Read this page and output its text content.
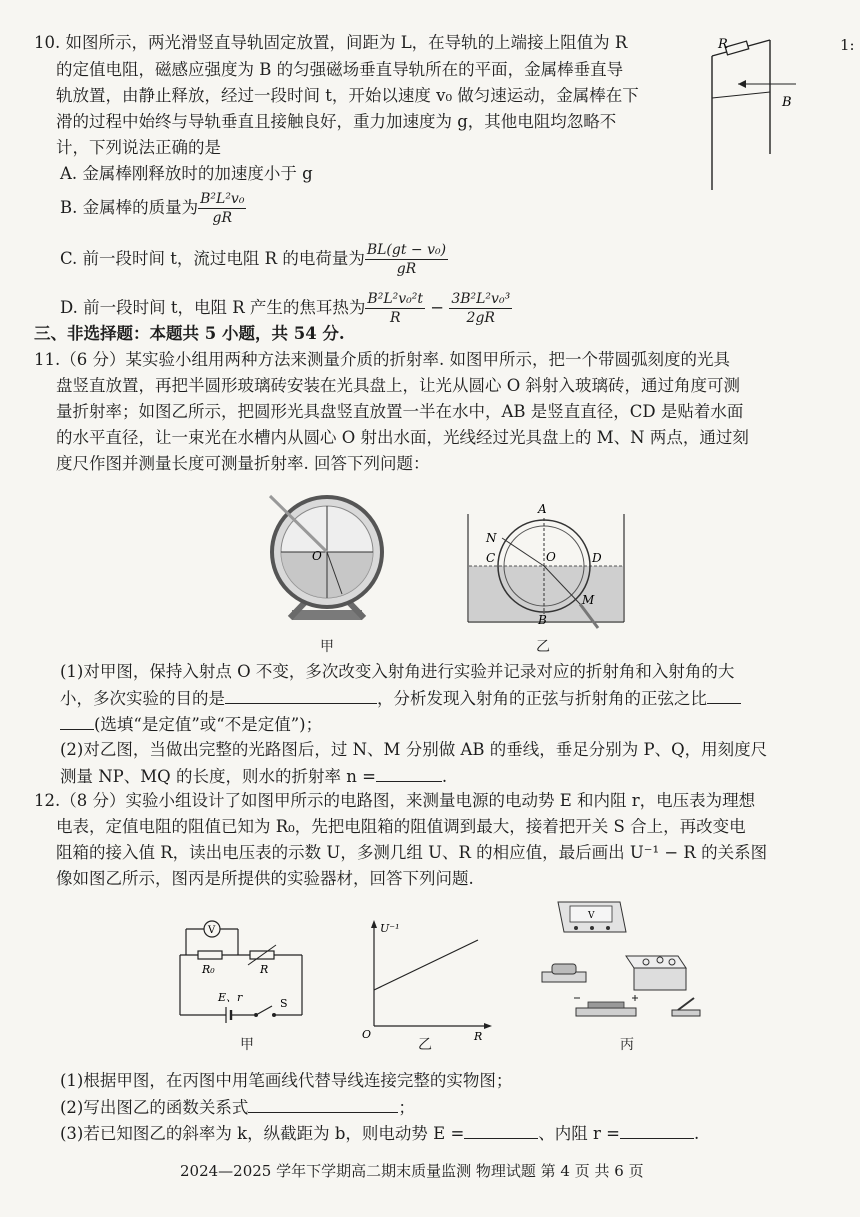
1:
10. 如图所示，两光滑竖直导轨固定放置，间距为 L，在导轨的上端接上阻值为 R
的定值电阻，磁感应强度为 B 的匀强磁场垂直导轨所在的平面，金属棒垂直导
轨放置，由静止释放，经过一段时间 t，开始以速度 v₀ 做匀速运动，金属棒在下
滑的过程中始终与导轨垂直且接触良好，重力加速度为 g，其他电阻均忽略不
计，下列说法正确的是
A. 金属棒刚释放时的加速度小于 g
B. 金属棒的质量为 $\frac{\text{B²L²v₀}}{gR}$
C. 前一段时间 t，流过电阻 R 的电荷量为 $\frac{\text{BL(gt − v₀)}}{gR}$
D. 前一段时间 t，电阻 R 产生的焦耳热为 $\frac{\text{B²L²v₀²t}}{R} - \frac{\text{3B²L²v₀³}}{2gR}$
R
B
三、非选择题：本题共 5 小题，共 54 分.
11.（6 分）某实验小组用两种方法来测量介质的折射率. 如图甲所示，把一个带圆弧刻度的光具
盘竖直放置，再把半圆形玻璃砖安装在光具盘上，让光从圆心 O 斜射入玻璃砖，通过角度可测
量折射率；如图乙所示，把圆形光具盘竖直放置一半在水中，AB 是竖直直径，CD 是贴着水面
的水平直径，让一束光在水槽内从圆心 O 射出水面，光线经过光具盘上的 M、N 两点，通过刻
度尺作图并测量长度可测量折射率. 回答下列问题：
O
甲
A
N
C	O	D
B
M
乙
(1)对甲图，保持入射点 O 不变，多次改变入射角进行实验并记录对应的折射角和入射角的大
小，多次实验的目的是	，分析发现入射角的正弦与折射角的正弦之比
(选填“是定值”或“不是定值”)；
(2)对乙图，当做出完整的光路图后，过 N、M 分别做 AB 的垂线，垂足分别为 P、Q，用刻度尺
测量 NP、MQ 的长度，则水的折射率 n =	.
12.（8 分）实验小组设计了如图甲所示的电路图，来测量电源的电动势 E 和内阻 r，电压表为理想
电表，定值电阻的阻值已知为 R₀，先把电阻箱的阻值调到最大，接着把开关 S 合上，再改变电
阻箱的接入值 R，读出电压表的示数 U，多测几组 U、R 的相应值，最后画出 U⁻¹ − R 的关系图
像如图乙所示，图丙是所提供的实验器材，回答下列问题.
V
R₀	R
E、r	S
甲
U⁻¹
O	R
乙
V
丙
(1)根据甲图，在丙图中用笔画线代替导线连接完整的实物图；
(2)写出图乙的函数关系式	；
(3)若已知图乙的斜率为 k，纵截距为 b，则电动势 E =	、内阻 r =	.
2024—2025 学年下学期高二期末质量监测 物理试题 第 4 页 共 6 页
